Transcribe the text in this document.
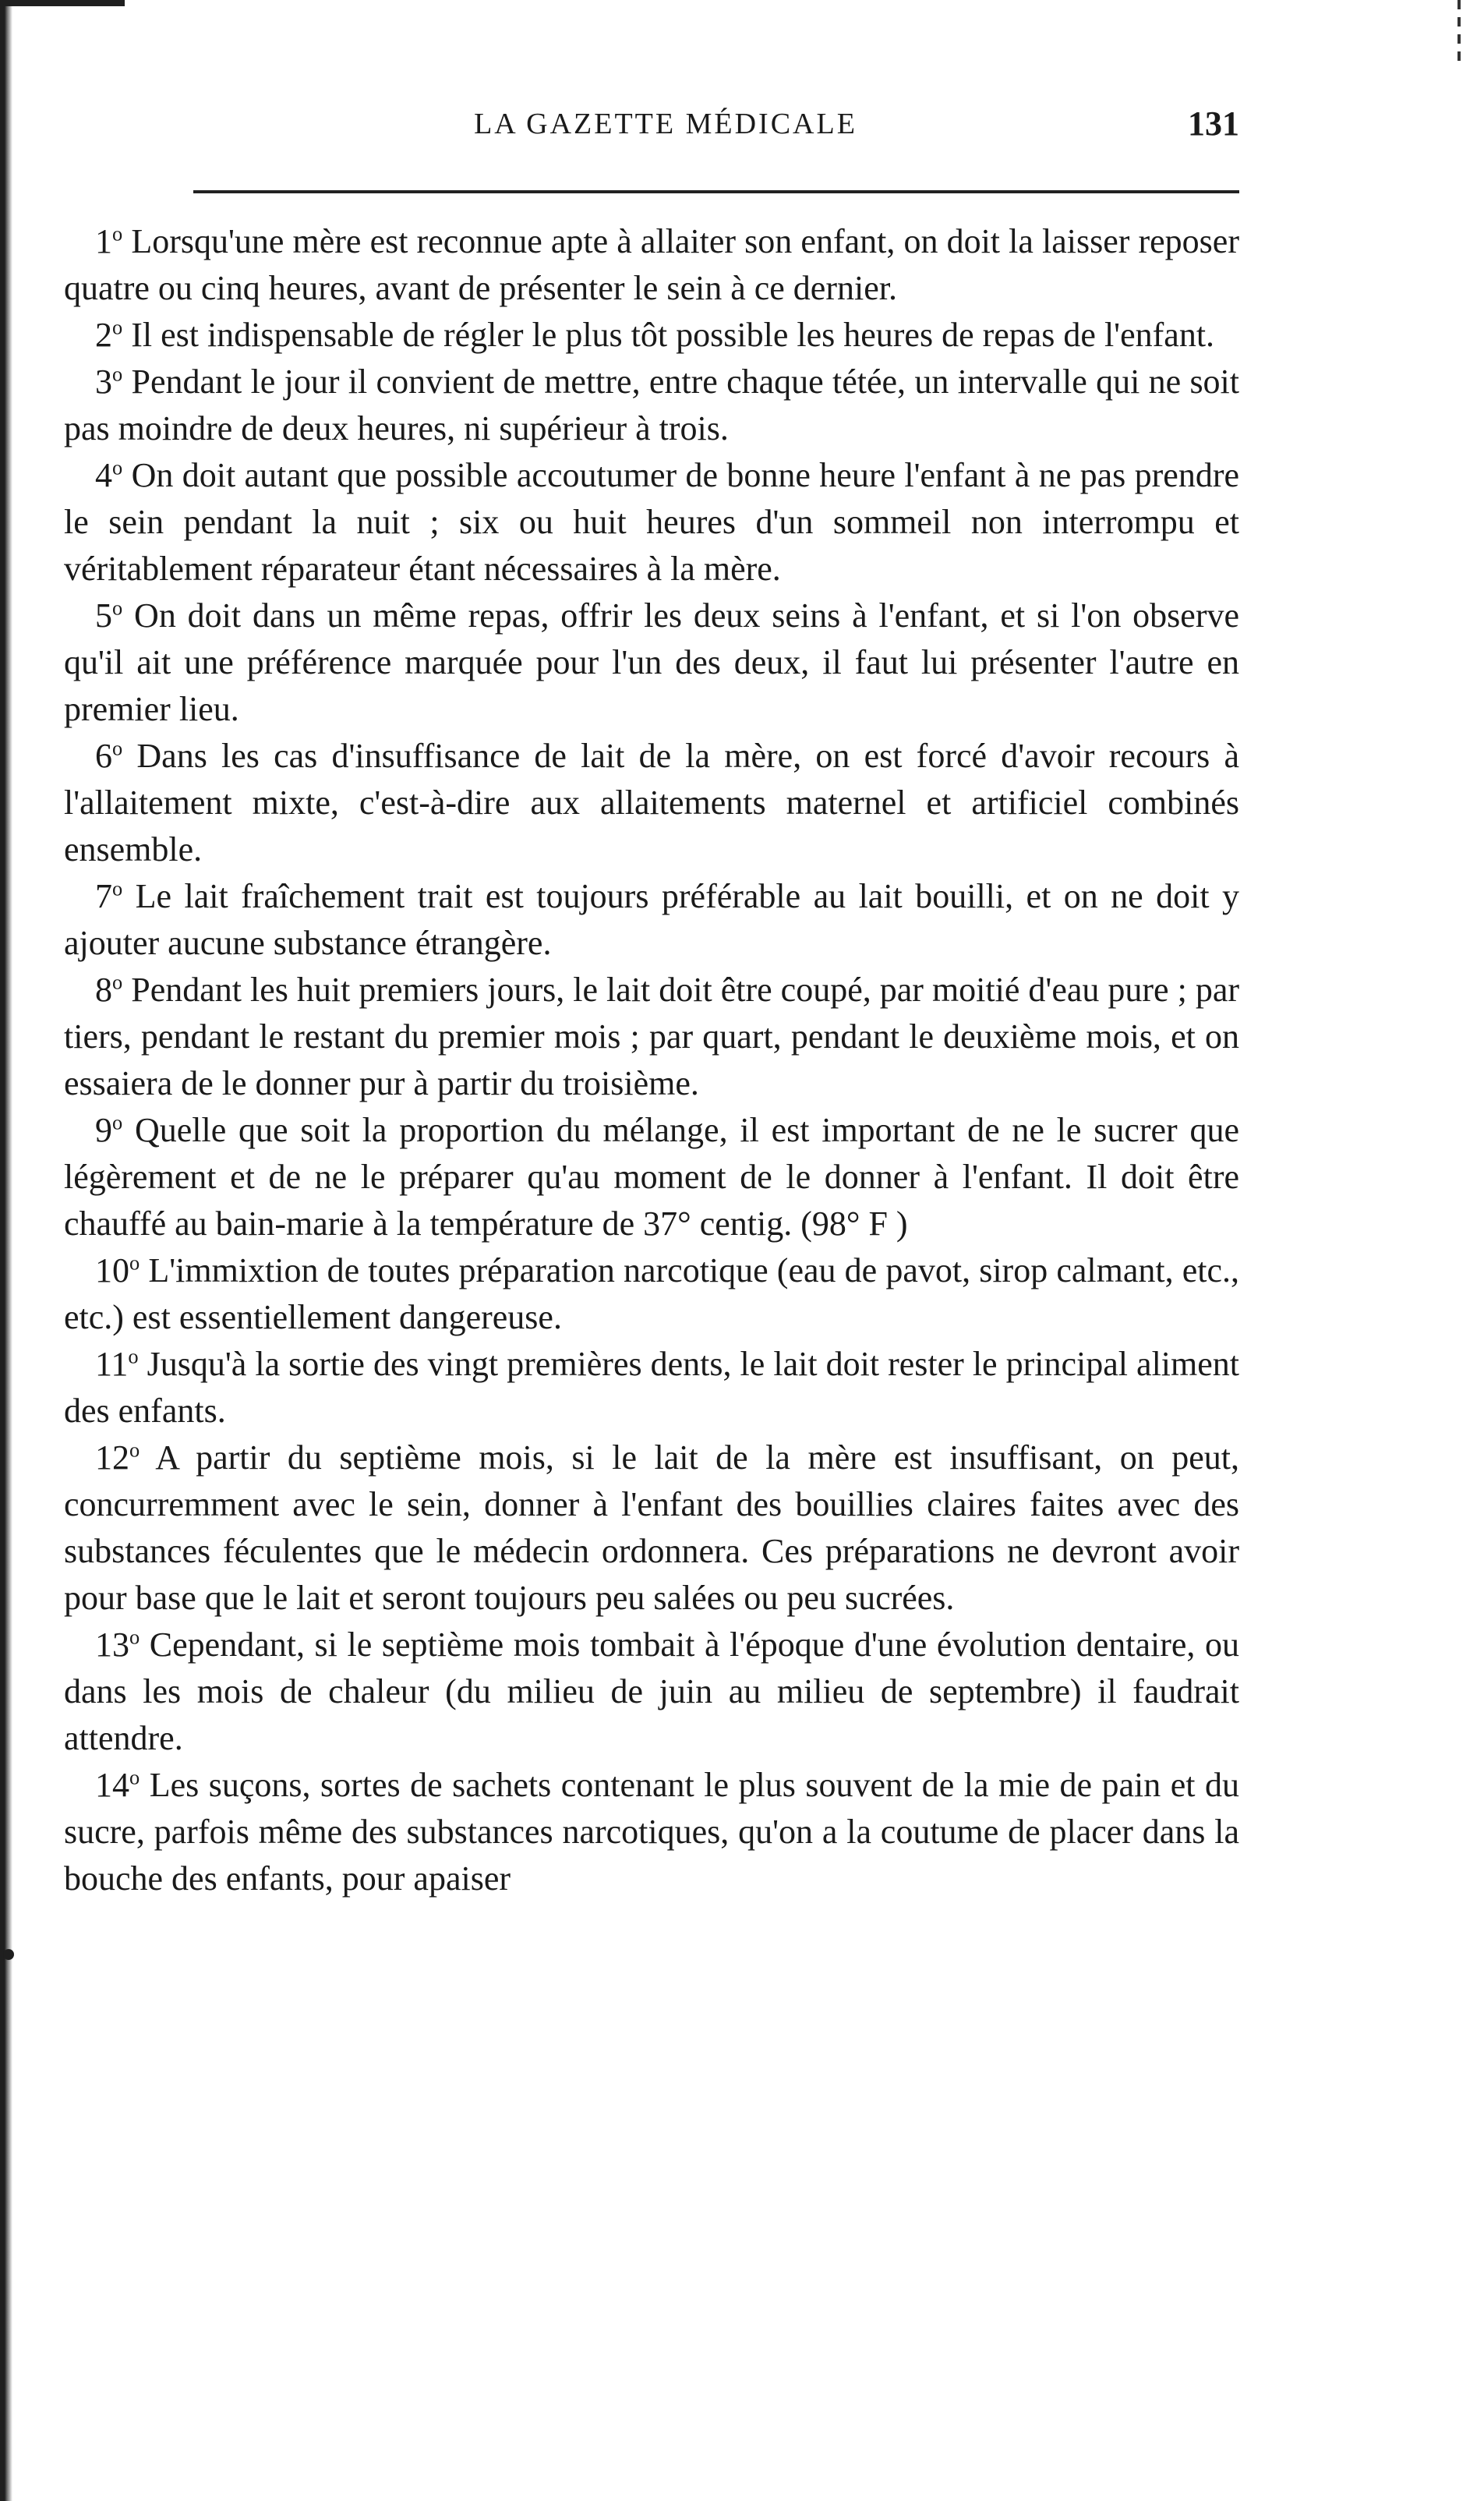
LA GAZETTE MÉDICALE	131
1$^o$ Lorsqu'une mère est reconnue apte à allaiter son enfant, on doit la laisser reposer quatre ou cinq heures, avant de présenter le sein à ce dernier.
2$^o$ Il est indispensable de régler le plus tôt possible les heures de repas de l'enfant.
3$^o$ Pendant le jour il convient de mettre, entre chaque tétée, un intervalle qui ne soit pas moindre de deux heures, ni supérieur à trois.
4$^o$ On doit autant que possible accoutumer de bonne heure l'enfant à ne pas prendre le sein pendant la nuit ; six ou huit heures d'un sommeil non interrompu et véritablement réparateur étant nécessaires à la mère.
5$^o$ On doit dans un même repas, offrir les deux seins à l'enfant, et si l'on observe qu'il ait une préférence marquée pour l'un des deux, il faut lui présenter l'autre en premier lieu.
6$^o$ Dans les cas d'insuffisance de lait de la mère, on est forcé d'avoir recours à l'allaitement mixte, c'est-à-dire aux allaitements maternel et artificiel combinés ensemble.
7$^o$ Le lait fraîchement trait est toujours préférable au lait bouilli, et on ne doit y ajouter aucune substance étrangère.
8$^o$ Pendant les huit premiers jours, le lait doit être coupé, par moitié d'eau pure ; par tiers, pendant le restant du premier mois ; par quart, pendant le deuxième mois, et on essaiera de le donner pur à partir du troisième.
9$^o$ Quelle que soit la proportion du mélange, il est important de ne le sucrer que légèrement et de ne le préparer qu'au moment de le donner à l'enfant. Il doit être chauffé au bain-marie à la température de 37° centig. (98° F )
10$^o$ L'immixtion de toutes préparation narcotique (eau de pavot, sirop calmant, etc., etc.) est essentiellement dangereuse.
11$^o$ Jusqu'à la sortie des vingt premières dents, le lait doit rester le principal aliment des enfants.
12$^o$ A partir du septième mois, si le lait de la mère est insuffisant, on peut, concurremment avec le sein, donner à l'enfant des bouillies claires faites avec des substances féculentes que le médecin ordonnera. Ces préparations ne devront avoir pour base que le lait et seront toujours peu salées ou peu sucrées.
13$^o$ Cependant, si le septième mois tombait à l'époque d'une évolution dentaire, ou dans les mois de chaleur (du milieu de juin au milieu de septembre) il faudrait attendre.
14$^o$ Les suçons, sortes de sachets contenant le plus souvent de la mie de pain et du sucre, parfois même des substances narcotiques, qu'on a la coutume de placer dans la bouche des enfants, pour apaiser
